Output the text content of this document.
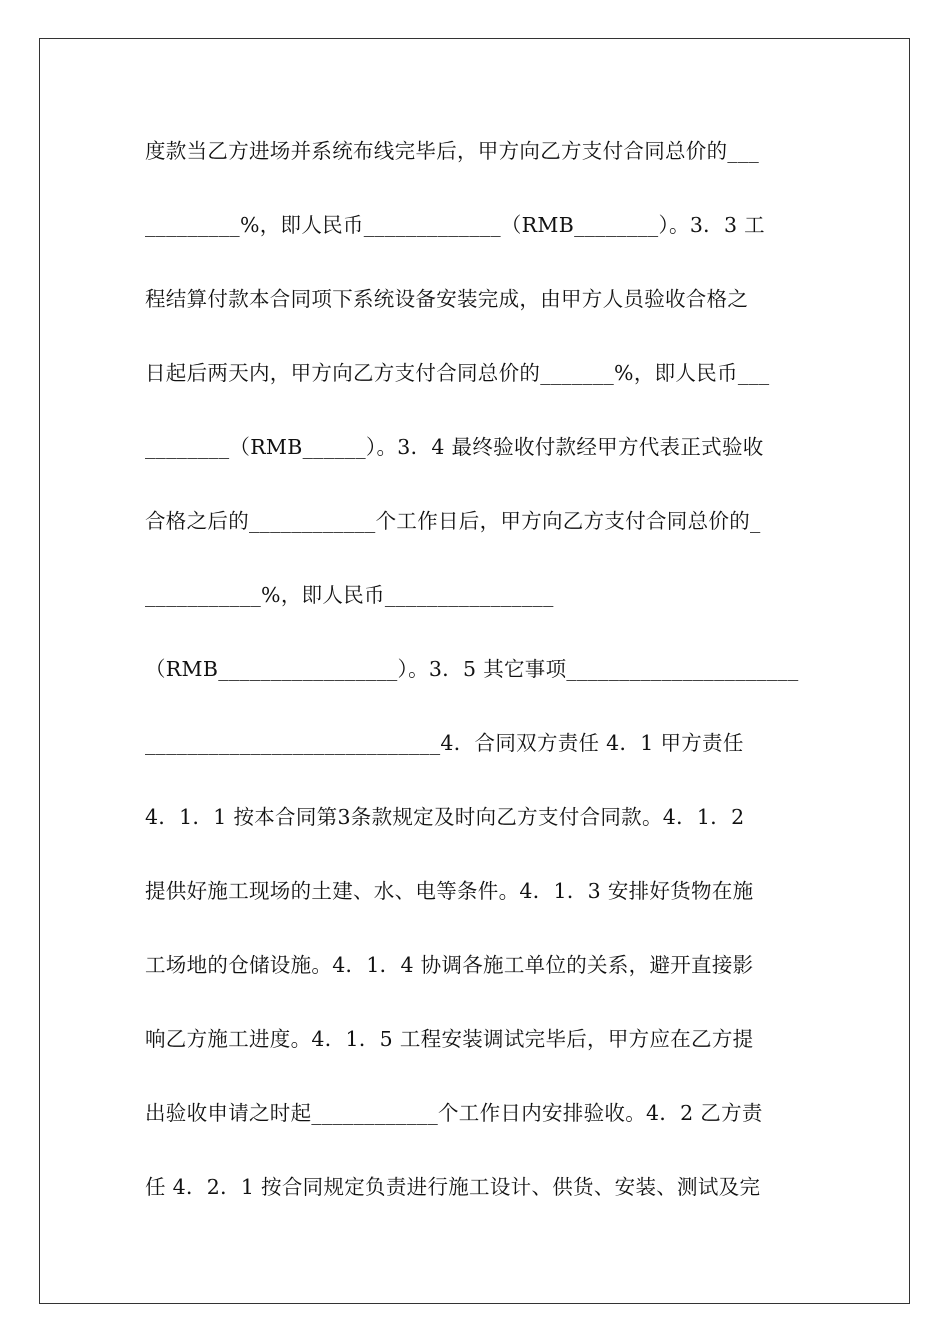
度款当乙方进场并系统布线完毕后，甲方向乙方支付合同总价的___
_________%，即人民币_____________（RMB________）。3．3 工
程结算付款本合同项下系统设备安装完成，由甲方人员验收合格之
日起后两天内，甲方向乙方支付合同总价的_______%，即人民币___
________（RMB______）。3．4 最终验收付款经甲方代表正式验收
合格之后的____________个工作日后，甲方向乙方支付合同总价的_
___________%，即人民币________________
（RMB_________________）。3．5 其它事项______________________
____________________________4．合同双方责任 4．1 甲方责任
4．1．1 按本合同第3条款规定及时向乙方支付合同款。4．1．2
提供好施工现场的土建、水、电等条件。4．1．3 安排好货物在施
工场地的仓储设施。4．1．4 协调各施工单位的关系，避开直接影
响乙方施工进度。4．1．5 工程安装调试完毕后，甲方应在乙方提
出验收申请之时起____________个工作日内安排验收。4．2 乙方责
任 4．2．1 按合同规定负责进行施工设计、供货、安装、测试及完
